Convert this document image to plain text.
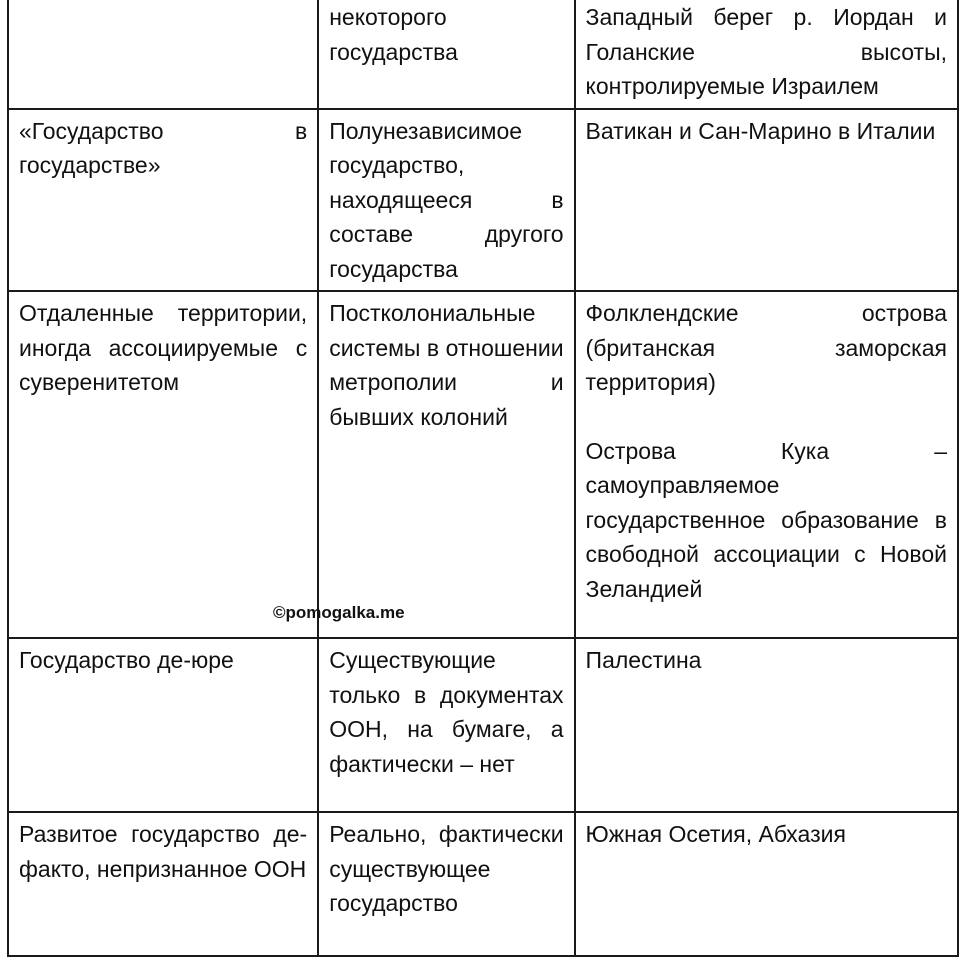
	некоторого государства	Западный берег р. Иордан и Голанские высоты, контролируемые Израилем

«Государство в государстве»	Полунезависимое государство, находящееся в составе другого государства	Ватикан и Сан-Марино в Италии

Отдаленные территории, иногда ассоциируемые с суверенитетом	Постколониальные системы в отношении метрополии и бывших колоний	Фолклендские острова (британская заморская территория)
Острова Кука – самоуправляемое государственное образование в свободной ассоциации с Новой Зеландией

Государство де-юре	Существующие только в документах ООН, на бумаге, а фактически – нет	Палестина

Развитое государство де-факто, непризнанное ООН	Реально, фактически существующее государство	Южная Осетия, Абхазия
©pomogalka.me
